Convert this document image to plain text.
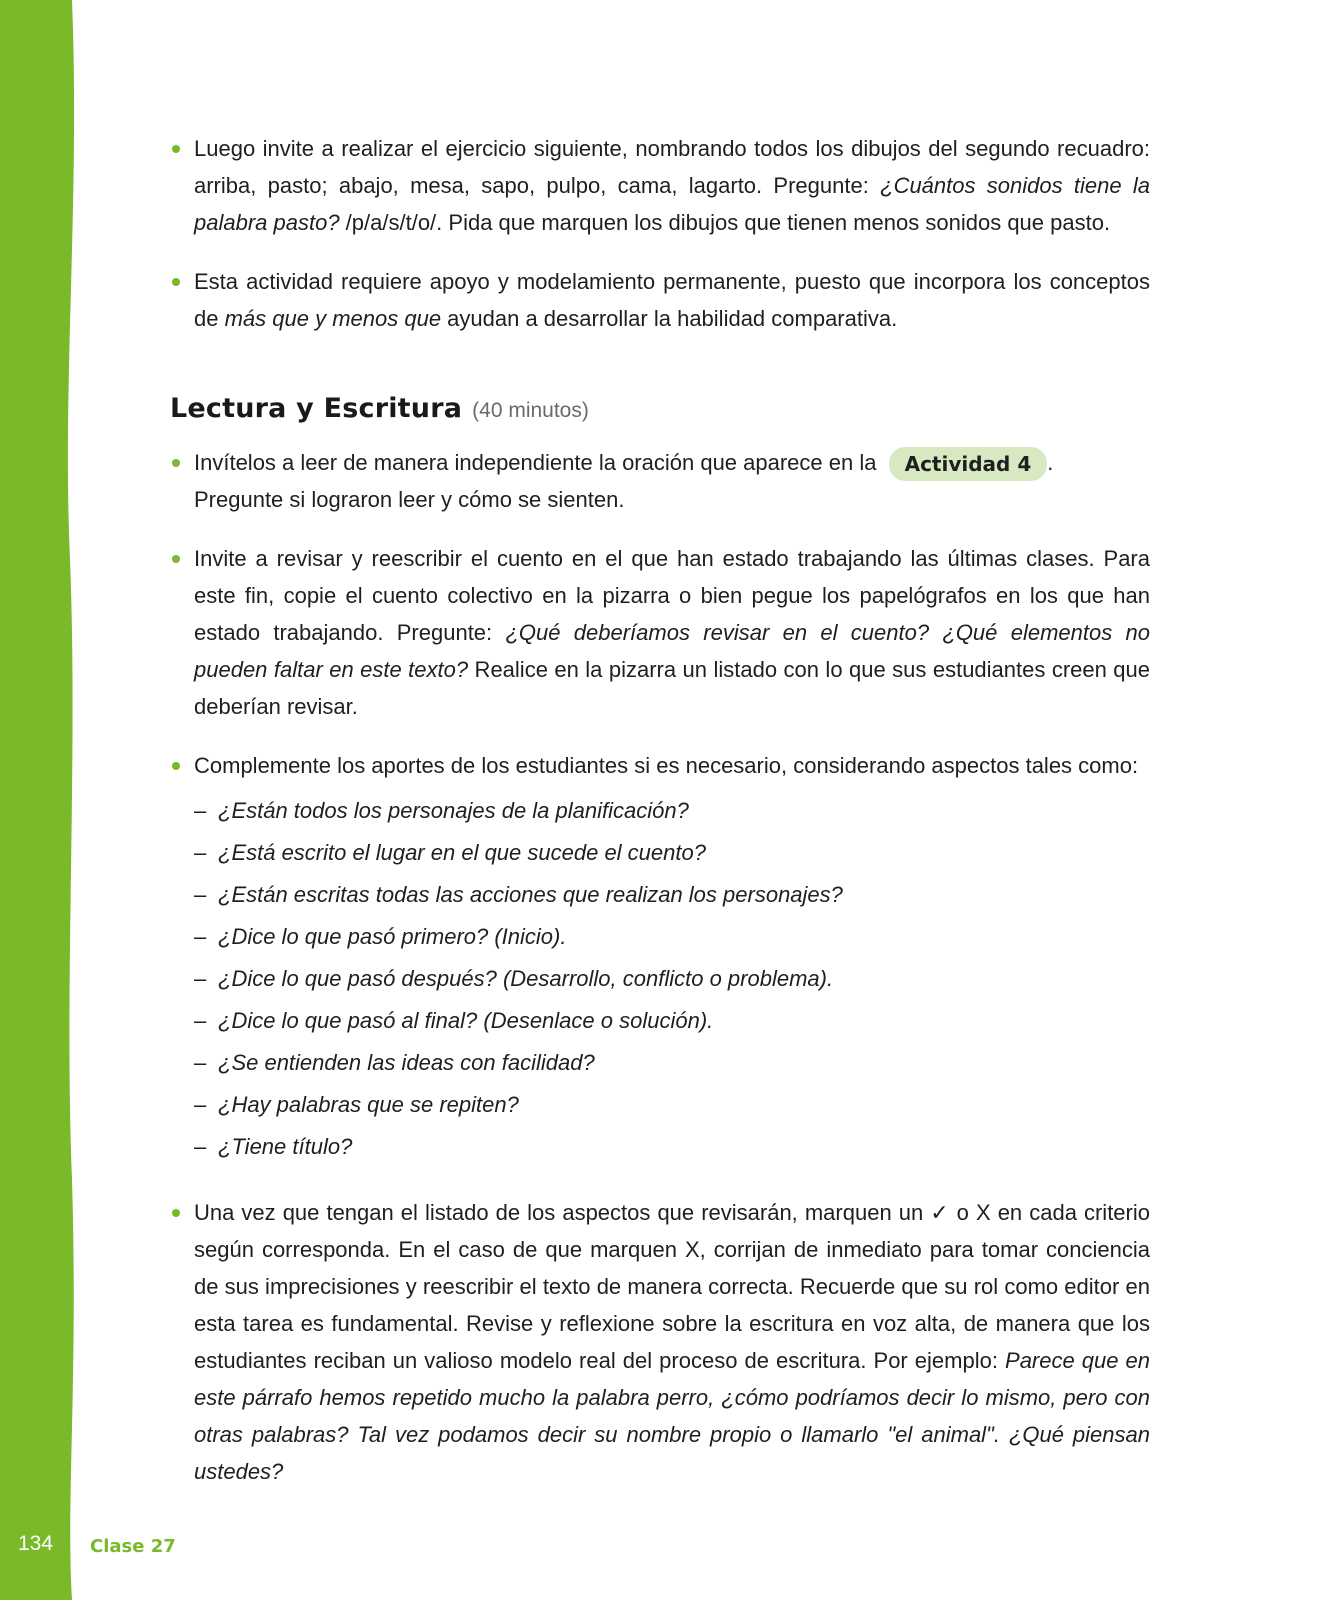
Luego invite a realizar el ejercicio siguiente, nombrando todos los dibujos del segundo recuadro: arriba, pasto; abajo, mesa, sapo, pulpo, cama, lagarto. Pregunte: ¿Cuántos sonidos tiene la palabra pasto? /p/a/s/t/o/. Pida que marquen los dibujos que tienen menos sonidos que pasto.
Esta actividad requiere apoyo y modelamiento permanente, puesto que incorpora los conceptos de más que y menos que ayudan a desarrollar la habilidad comparativa.
Lectura y Escritura (40 minutos)
Invítelos a leer de manera independiente la oración que aparece en la Actividad 4 .
Pregunte si lograron leer y cómo se sienten.
Invite a revisar y reescribir el cuento en el que han estado trabajando las últimas clases. Para este fin, copie el cuento colectivo en la pizarra o bien pegue los papelógrafos en los que han estado trabajando. Pregunte: ¿Qué deberíamos revisar en el cuento? ¿Qué elementos no pueden faltar en este texto? Realice en la pizarra un listado con lo que sus estudiantes creen que deberían revisar.
Complemente los aportes de los estudiantes si es necesario, considerando aspectos tales como:
– ¿Están todos los personajes de la planificación?
– ¿Está escrito el lugar en el que sucede el cuento?
– ¿Están escritas todas las acciones que realizan los personajes?
– ¿Dice lo que pasó primero? (Inicio).
– ¿Dice lo que pasó después? (Desarrollo, conflicto o problema).
– ¿Dice lo que pasó al final? (Desenlace o solución).
– ¿Se entienden las ideas con facilidad?
– ¿Hay palabras que se repiten?
– ¿Tiene título?
Una vez que tengan el listado de los aspectos que revisarán, marquen un ✓ o X en cada criterio según corresponda. En el caso de que marquen X, corrijan de inmediato para tomar conciencia de sus imprecisiones y reescribir el texto de manera correcta. Recuerde que su rol como editor en esta tarea es fundamental. Revise y reflexione sobre la escritura en voz alta, de manera que los estudiantes reciban un valioso modelo real del proceso de escritura. Por ejemplo: Parece que en este párrafo hemos repetido mucho la palabra perro, ¿cómo podríamos decir lo mismo, pero con otras palabras? Tal vez podamos decir su nombre propio o llamarlo "el animal". ¿Qué piensan ustedes?
134 Clase 27
